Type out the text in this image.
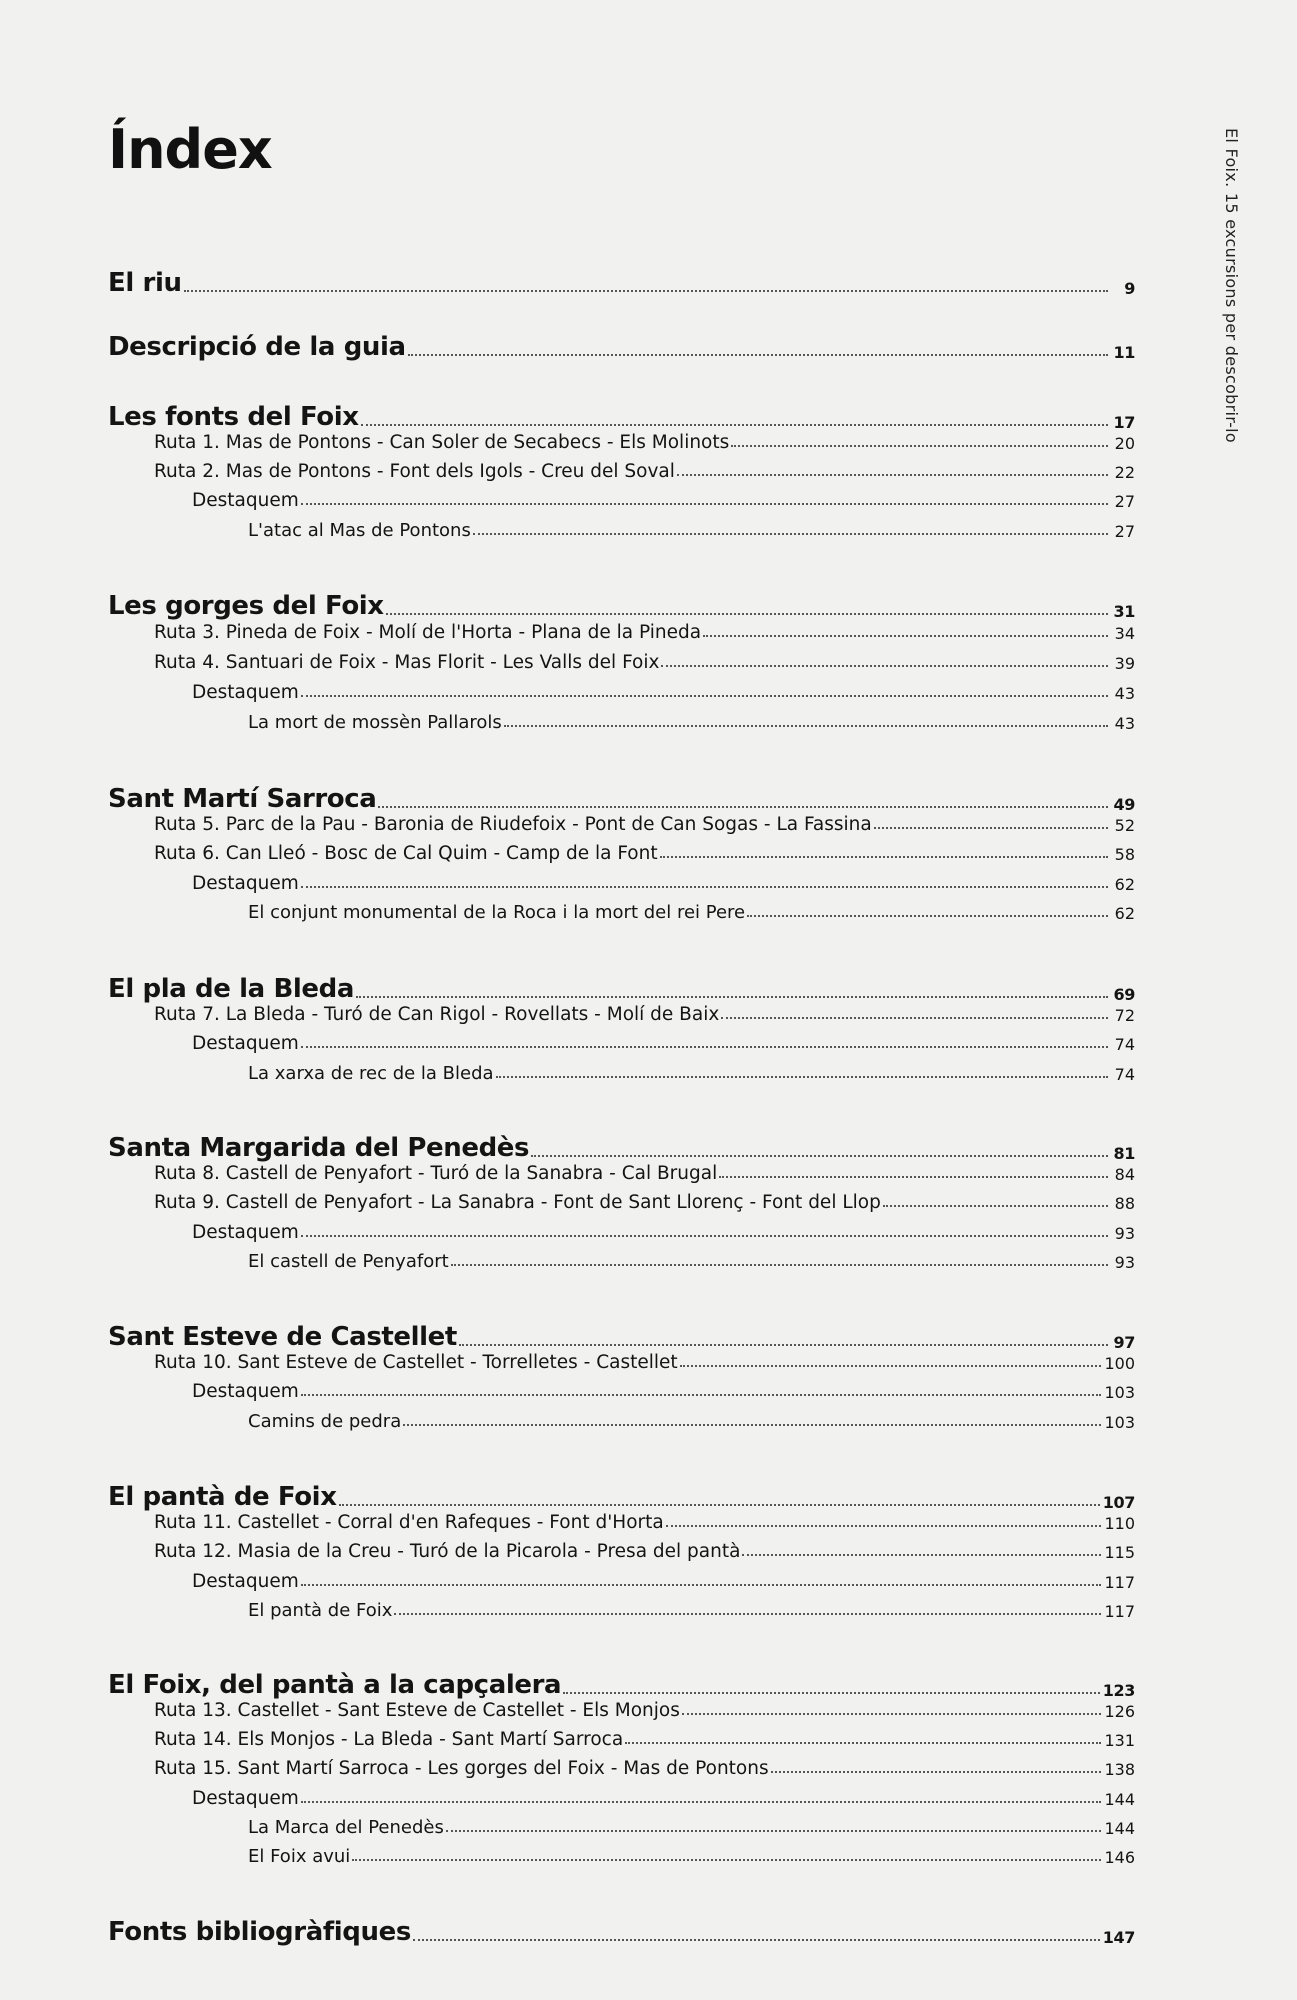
Índex	El Foix. 15 excursions per descobrir-lo
El riu	9
Descripció de la guia	11
Les fonts del Foix	17
Ruta 1. Mas de Pontons - Can Soler de Secabecs - Els Molinots	20
Ruta 2. Mas de Pontons - Font dels Igols - Creu del Soval	22
Destaquem	27
L'atac al Mas de Pontons	27
Les gorges del Foix	31
Ruta 3. Pineda de Foix - Molí de l'Horta - Plana de la Pineda	34
Ruta 4. Santuari de Foix - Mas Florit - Les Valls del Foix	39
Destaquem	43
La mort de mossèn Pallarols	43
Sant Martí Sarroca	49
Ruta 5. Parc de la Pau - Baronia de Riudefoix - Pont de Can Sogas - La Fassina	52
Ruta 6. Can Lleó - Bosc de Cal Quim - Camp de la Font	58
Destaquem	62
El conjunt monumental de la Roca i la mort del rei Pere	62
El pla de la Bleda	69
Ruta 7. La Bleda - Turó de Can Rigol - Rovellats - Molí de Baix	72
Destaquem	74
La xarxa de rec de la Bleda	74
Santa Margarida del Penedès	81
Ruta 8. Castell de Penyafort - Turó de la Sanabra - Cal Brugal	84
Ruta 9. Castell de Penyafort - La Sanabra - Font de Sant Llorenç - Font del Llop	88
Destaquem	93
El castell de Penyafort	93
Sant Esteve de Castellet	97
Ruta 10. Sant Esteve de Castellet - Torrelletes - Castellet	100
Destaquem	103
Camins de pedra	103
El pantà de Foix	107
Ruta 11. Castellet - Corral d'en Rafeques - Font d'Horta	110
Ruta 12. Masia de la Creu - Turó de la Picarola - Presa del pantà	115
Destaquem	117
El pantà de Foix	117
El Foix, del pantà a la capçalera	123
Ruta 13. Castellet - Sant Esteve de Castellet - Els Monjos	126
Ruta 14. Els Monjos - La Bleda - Sant Martí Sarroca	131
Ruta 15. Sant Martí Sarroca - Les gorges del Foix - Mas de Pontons	138
Destaquem	144
La Marca del Penedès	144
El Foix avui	146
Fonts bibliogràfiques	147
